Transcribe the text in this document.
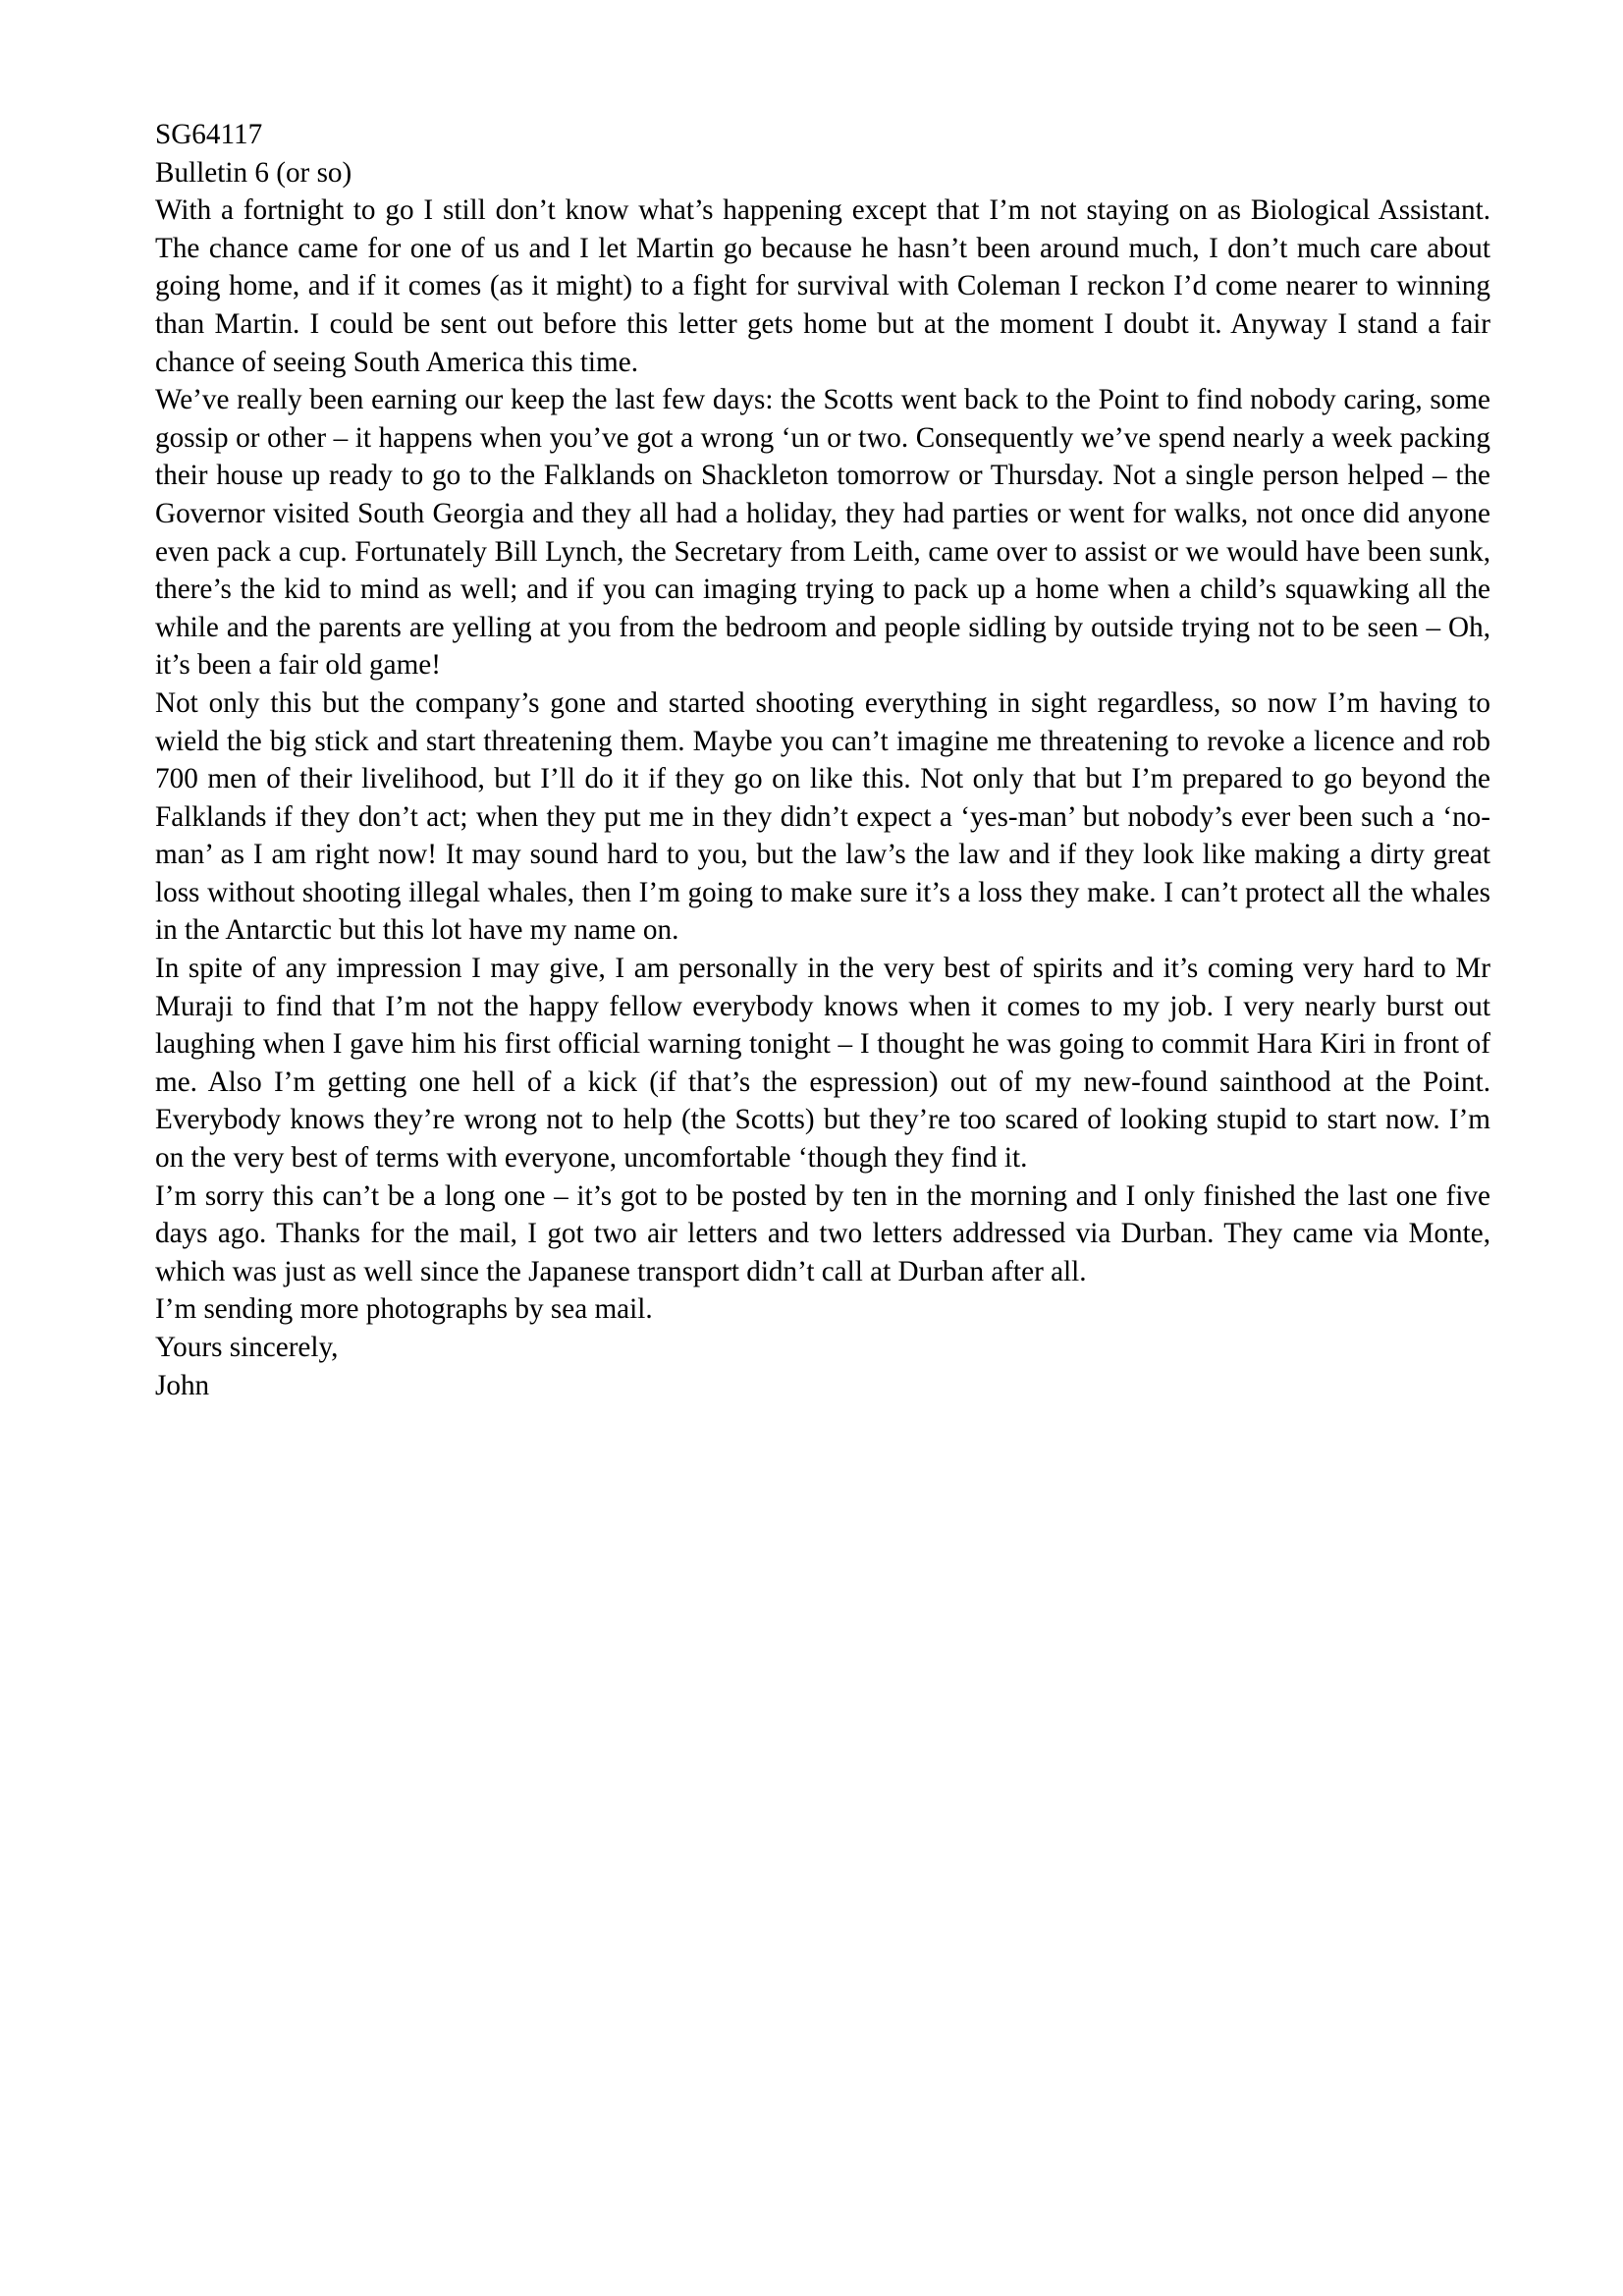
SG64117
Bulletin 6 (or so)
With a fortnight to go I still don’t know what’s happening except that I’m not staying on as Biological Assistant. The chance came for one of us and I let Martin go because he hasn’t been around much, I don’t much care about going home, and if it comes (as it might) to a fight for survival with Coleman I reckon I’d come nearer to winning than Martin. I could be sent out before this letter gets home but at the moment I doubt it. Anyway I stand a fair chance of seeing South America this time.
We’ve really been earning our keep the last few days: the Scotts went back to the Point to find nobody caring, some gossip or other – it happens when you’ve got a wrong ‘un or two. Consequently we’ve spend nearly a week packing their house up ready to go to the Falklands on Shackleton tomorrow or Thursday. Not a single person helped – the Governor visited South Georgia and they all had a holiday, they had parties or went for walks, not once did anyone even pack a cup. Fortunately Bill Lynch, the Secretary from Leith, came over to assist or we would have been sunk, there’s the kid to mind as well; and if you can imaging trying to pack up a home when a child’s squawking all the while and the parents are yelling at you from the bedroom and people sidling by outside trying not to be seen – Oh, it’s been a fair old game!
Not only this but the company’s gone and started shooting everything in sight regardless, so now I’m having to wield the big stick and start threatening them. Maybe you can’t imagine me threatening to revoke a licence and rob 700 men of their livelihood, but I’ll do it if they go on like this. Not only that but I’m prepared to go beyond the Falklands if they don’t act; when they put me in they didn’t expect a ‘yes-man’ but nobody’s ever been such a ‘no-man’ as I am right now! It may sound hard to you, but the law’s the law and if they look like making a dirty great loss without shooting illegal whales, then I’m going to make sure it’s a loss they make. I can’t protect all the whales in the Antarctic but this lot have my name on.
In spite of any impression I may give, I am personally in the very best of spirits and it’s coming very hard to Mr Muraji to find that I’m not the happy fellow everybody knows when it comes to my job. I very nearly burst out laughing when I gave him his first official warning tonight – I thought he was going to commit Hara Kiri in front of me. Also I’m getting one hell of a kick (if that’s the espression) out of my new-found sainthood at the Point. Everybody knows they’re wrong not to help (the Scotts) but they’re too scared of looking stupid to start now. I’m on the very best of terms with everyone, uncomfortable ‘though they find it.
I’m sorry this can’t be a long one – it’s got to be posted by ten in the morning and I only finished the last one five days ago. Thanks for the mail, I got two air letters and two letters addressed via Durban. They came via Monte, which was just as well since the Japanese transport didn’t call at Durban after all.
I’m sending more photographs by sea mail.
Yours sincerely,
John
